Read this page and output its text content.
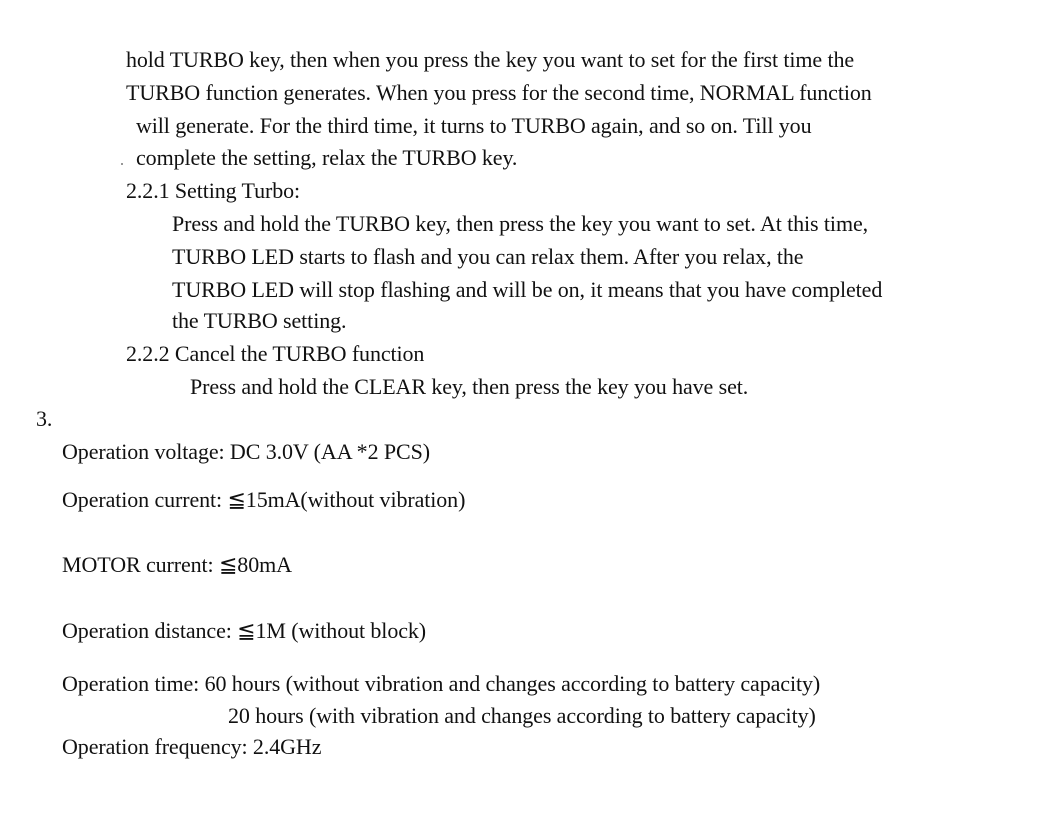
hold TURBO key, then when you press the key you want to set for the first time the
TURBO function generates. When you press for the second time, NORMAL function
will generate. For the third time, it turns to TURBO again, and so on. Till you
complete the setting, relax the TURBO key.
2.2.1 Setting Turbo:
Press and hold the TURBO key, then press the key you want to set. At this time,
TURBO LED starts to flash and you can relax them. After you relax, the
TURBO LED will stop flashing and will be on, it means that you have completed
the TURBO setting.
2.2.2 Cancel the TURBO function
Press and hold the CLEAR key, then press the key you have set.
3.
Operation voltage: DC 3.0V (AA *2 PCS)
Operation current: ≦15mA(without vibration)
MOTOR current: ≦80mA
Operation distance: ≦1M (without block)
Operation time: 60 hours (without vibration and changes according to battery capacity)
20 hours (with vibration and changes according to battery capacity)
Operation frequency: 2.4GHz
